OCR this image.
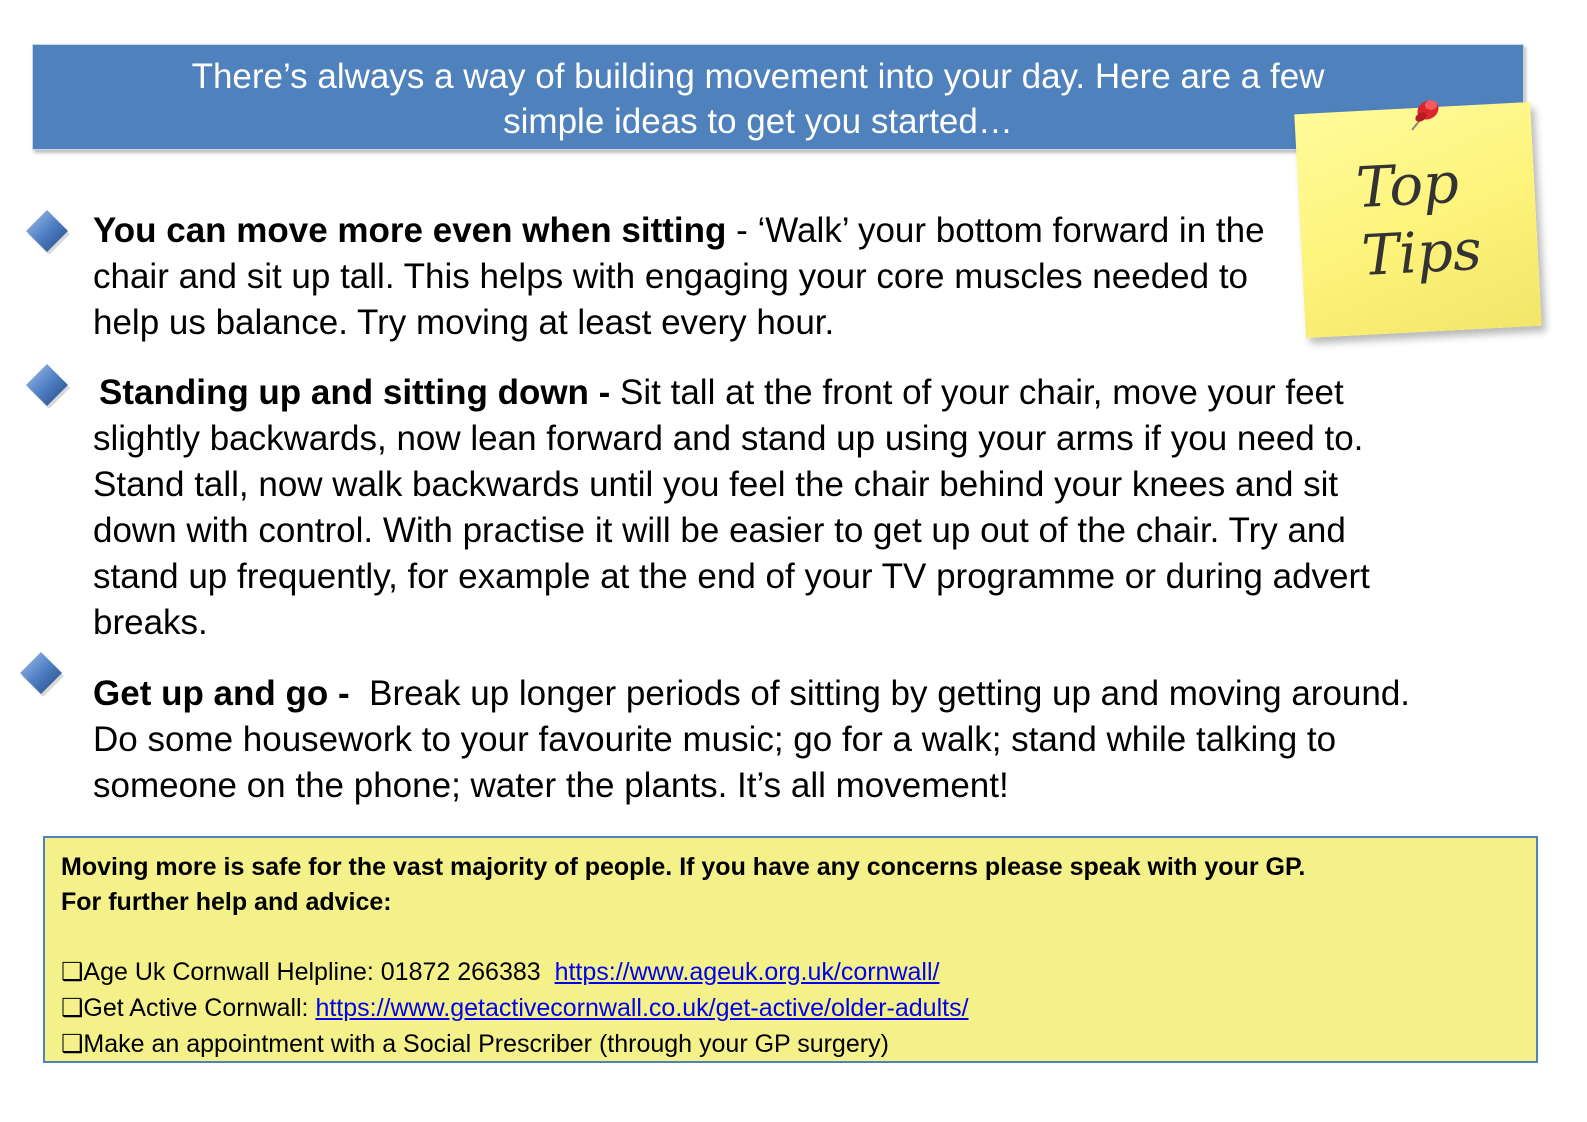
There’s always a way of building movement into your day. Here are a few
simple ideas to get you started…
Top
Tips
You can move more even when sitting - ‘Walk’ your bottom forward in the chair and sit up tall. This helps with engaging your core muscles needed to help us balance. Try moving at least every hour.
Standing up and sitting down - Sit tall at the front of your chair, move your feet slightly backwards, now lean forward and stand up using your arms if you need to. Stand tall, now walk backwards until you feel the chair behind your knees and sit down with control. With practise it will be easier to get up out of the chair. Try and stand up frequently, for example at the end of your TV programme or during advert breaks.
Get up and go - Break up longer periods of sitting by getting up and moving around. Do some housework to your favourite music; go for a walk; stand while talking to someone on the phone; water the plants. It’s all movement!
Moving more is safe for the vast majority of people. If you have any concerns please speak with your GP.
For further help and advice:
❑Age Uk Cornwall Helpline: 01872 266383  https://www.ageuk.org.uk/cornwall/
❑Get Active Cornwall: https://www.getactivecornwall.co.uk/get-active/older-adults/
❑Make an appointment with a Social Prescriber (through your GP surgery)
